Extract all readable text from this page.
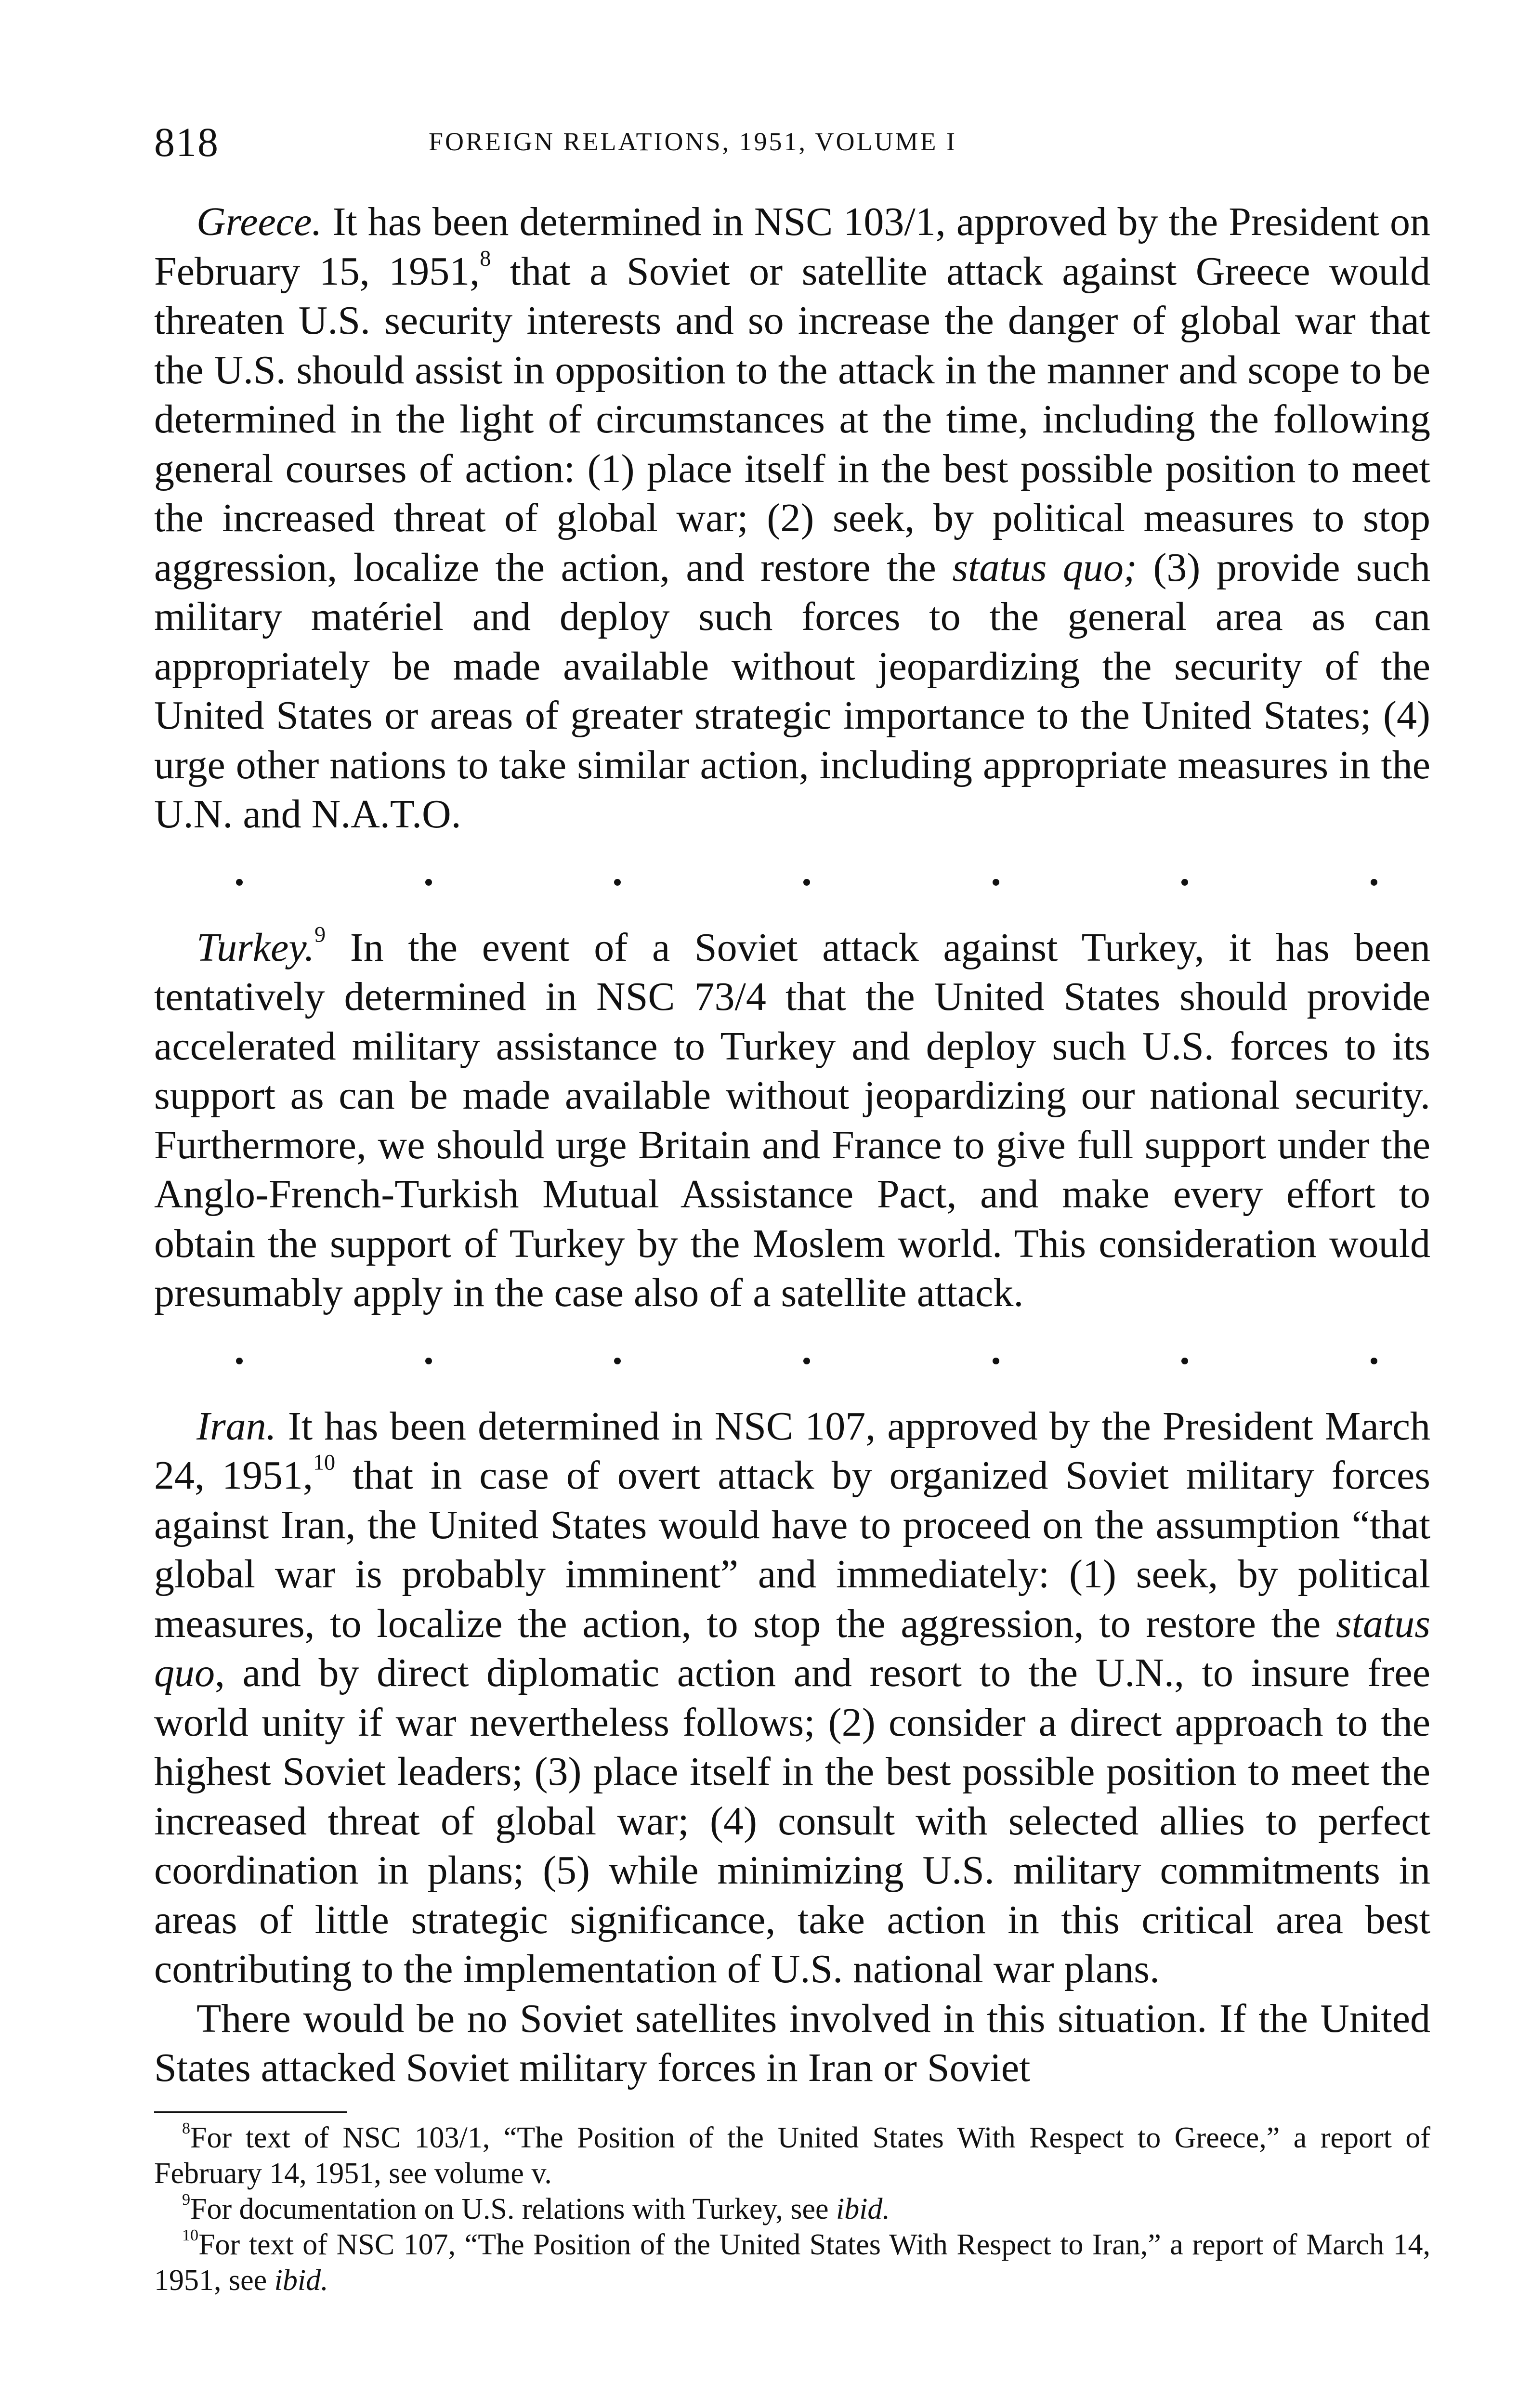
818	FOREIGN RELATIONS, 1951, VOLUME I

Greece. It has been determined in NSC 103/1, approved by the President on February 15, 1951,$^8$ that a Soviet or satellite attack against Greece would threaten U.S. security interests and so increase the danger of global war that the U.S. should assist in opposition to the attack in the manner and scope to be determined in the light of circumstances at the time, including the following general courses of action: (1) place itself in the best possible position to meet the increased threat of global war; (2) seek, by political measures to stop aggression, localize the action, and restore the status quo; (3) provide such military matériel and deploy such forces to the general area as can appropriately be made available without jeopardizing the security of the United States or areas of greater strategic importance to the United States; (4) urge other nations to take similar action, including appropriate measures in the U.N. and N.A.T.O.

Turkey.$^9$ In the event of a Soviet attack against Turkey, it has been tentatively determined in NSC 73/4 that the United States should provide accelerated military assistance to Turkey and deploy such U.S. forces to its support as can be made available without jeopardizing our national security. Furthermore, we should urge Britain and France to give full support under the Anglo-French-Turkish Mutual Assistance Pact, and make every effort to obtain the support of Turkey by the Moslem world. This consideration would presumably apply in the case also of a satellite attack.

Iran. It has been determined in NSC 107, approved by the President March 24, 1951,10 that in case of overt attack by organized Soviet military forces against Iran, the United States would have to proceed on the assumption “that global war is probably imminent” and immediately: (1) seek, by political measures, to localize the action, to stop the aggression, to restore the status quo, and by direct diplomatic action and resort to the U.N., to insure free world unity if war nevertheless follows; (2) consider a direct approach to the highest Soviet leaders; (3) place itself in the best possible position to meet the increased threat of global war; (4) consult with selected allies to perfect coordination in plans; (5) while minimizing U.S. military commitments in areas of little strategic significance, take action in this critical area best contributing to the implementation of U.S. national war plans.

There would be no Soviet satellites involved in this situation. If the United States attacked Soviet military forces in Iran or Soviet

$^8$For text of NSC 103/1, “The Position of the United States With Respect to Greece,” a report of February 14, 1951, see volume v.

$^9$For documentation on U.S. relations with Turkey, see ibid.

$^{10}$For text of NSC 107, “The Position of the United States With Respect to Iran,” a report of March 14, 1951, see ibid.
